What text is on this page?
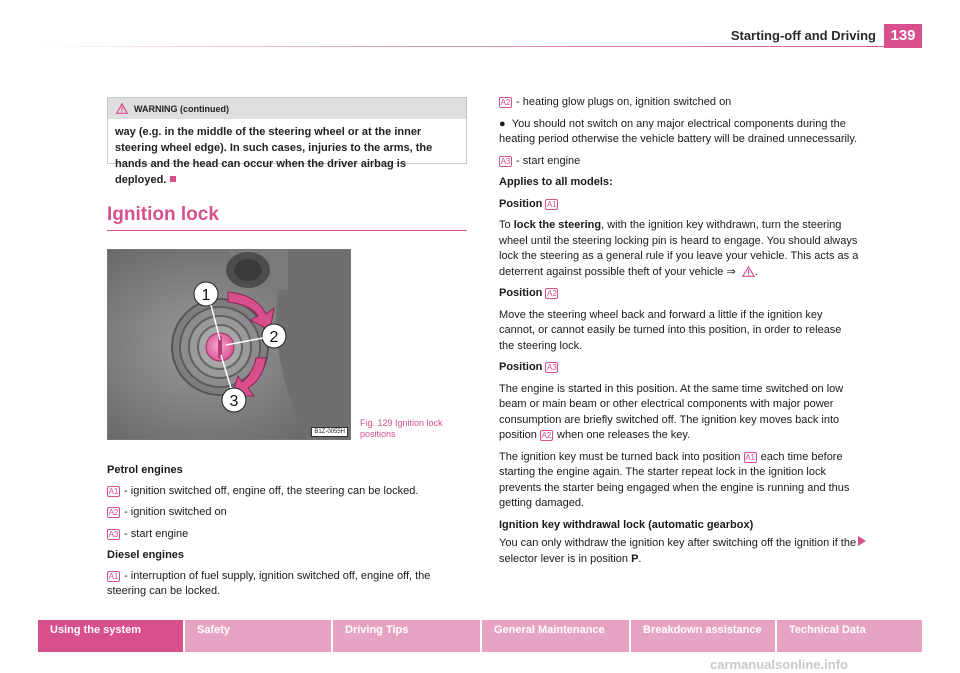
Starting-off and Driving 139
WARNING (continued)
way (e.g. in the middle of the steering wheel or at the inner steering wheel edge). In such cases, injuries to the arms, the hands and the head can occur when the driver airbag is deployed.
Ignition lock
1
2
3
B1Z-0055H
Fig. 129 Ignition lock positions

Petrol engines

A1 - ignition switched off, engine off, the steering can be locked.

A2 - ignition switched on

A3 - start engine

Diesel engines

A1 - interruption of fuel supply, ignition switched off, engine off, the steering can be locked.

A2 - heating glow plugs on, ignition switched on

●  You should not switch on any major electrical components during the heating period otherwise the vehicle battery will be drained unnecessarily.

A3 - start engine

Applies to all models:

Position A1

To lock the steering, with the ignition key withdrawn, turn the steering wheel until the steering locking pin is heard to engage. You should always lock the steering as a general rule if you leave your vehicle. This acts as a deterrent against possible theft of your vehicle ⇒ .

Position A2

Move the steering wheel back and forward a little if the ignition key cannot, or cannot easily be turned into this position, in order to release the steering lock.

Position A3

The engine is started in this position. At the same time switched on low beam or main beam or other electrical components with major power consumption are briefly switched off. The ignition key moves back into position A2 when one releases the key.

The ignition key must be turned back into position A1 each time before starting the engine again. The starter repeat lock in the ignition lock prevents the starter being engaged when the engine is running and thus getting damaged.

Ignition key withdrawal lock (automatic gearbox)

You can only withdraw the ignition key after switching off the ignition if the selector lever is in position P.

Using the system	Safety	Driving Tips	General Maintenance	Breakdown assistance	Technical Data
carmanualsonline.info
